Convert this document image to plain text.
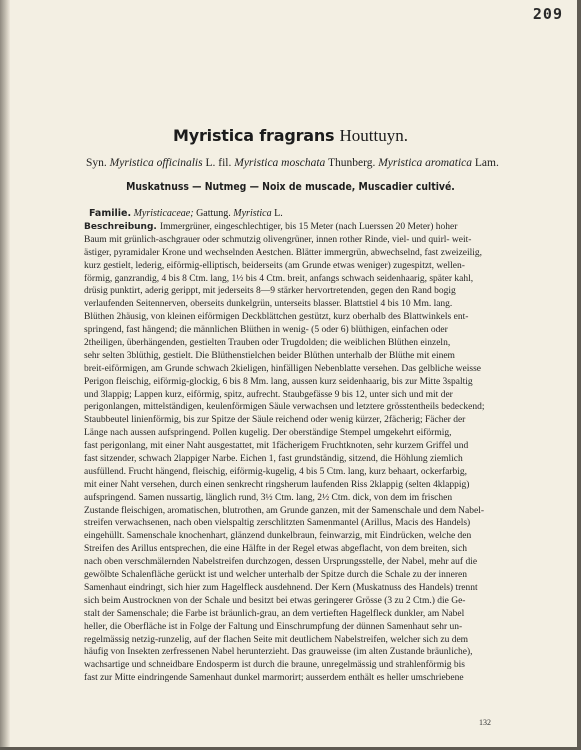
209
Myristica fragrans Houttuyn.
Syn. Myristica officinalis L. fil. Myristica moschata Thunberg. Myristica aromatica Lam.
Muskatnuss — Nutmeg — Noix de muscade, Muscadier cultivé.
Familie. Myristicaceae; Gattung. Myristica L.
Beschreibung. Immergrüner, eingeschlechtiger, bis 15 Meter (nach Luerssen 20 Meter) hoher
Baum mit grünlich-aschgrauer oder schmutzig olivengrüner, innen rother Rinde, viel- und quirl- weit-
ästiger, pyramidaler Krone und wechselnden Aestchen. Blätter immergrün, abwechselnd, fast zweizeilig,
kurz gestielt, lederig, eiförmig-elliptisch, beiderseits (am Grunde etwas weniger) zugespitzt, wellen-
förmig, ganzrandig, 4 bis 8 Ctm. lang, 1½ bis 4 Ctm. breit, anfangs schwach seidenhaarig, später kahl,
drüsig punktirt, aderig gerippt, mit jederseits 8—9 stärker hervortretenden, gegen den Rand bogig
verlaufenden Seitennerven, oberseits dunkelgrün, unterseits blasser. Blattstiel 4 bis 10 Mm. lang.
Blüthen 2häusig, von kleinen eiförmigen Deckblättchen gestützt, kurz oberhalb des Blattwinkels ent-
springend, fast hängend; die männlichen Blüthen in wenig- (5 oder 6) blüthigen, einfachen oder
2theiligen, überhängenden, gestielten Trauben oder Trugdolden; die weiblichen Blüthen einzeln,
sehr selten 3blüthig, gestielt. Die Blüthenstielchen beider Blüthen unterhalb der Blüthe mit einem
breit-eiförmigen, am Grunde schwach 2kieligen, hinfälligen Nebenblatte versehen. Das gelbliche weisse
Perigon fleischig, eiförmig-glockig, 6 bis 8 Mm. lang, aussen kurz seidenhaarig, bis zur Mitte 3spaltig
und 3lappig; Lappen kurz, eiförmig, spitz, aufrecht. Staubgefässe 9 bis 12, unter sich und mit der
perigonlangen, mittelständigen, keulenförmigen Säule verwachsen und letztere grösstentheils bedeckend;
Staubbeutel linienförmig, bis zur Spitze der Säule reichend oder wenig kürzer, 2fächerig; Fächer der
Länge nach aussen aufspringend. Pollen kugelig. Der oberständige Stempel umgekehrt eiförmig,
fast perigonlang, mit einer Naht ausgestattet, mit 1fächerigem Fruchtknoten, sehr kurzem Griffel und
fast sitzender, schwach 2lappiger Narbe. Eichen 1, fast grundständig, sitzend, die Höhlung ziemlich
ausfüllend. Frucht hängend, fleischig, eiförmig-kugelig, 4 bis 5 Ctm. lang, kurz behaart, ockerfarbig,
mit einer Naht versehen, durch einen senkrecht ringsherum laufenden Riss 2klappig (selten 4klappig)
aufspringend. Samen nussartig, länglich rund, 3½ Ctm. lang, 2½ Ctm. dick, von dem im frischen
Zustande fleischigen, aromatischen, blutrothen, am Grunde ganzen, mit der Samenschale und dem Nabel-
streifen verwachsenen, nach oben vielspaltig zerschlitzten Samenmantel (Arillus, Macis des Handels)
eingehüllt. Samenschale knochenhart, glänzend dunkelbraun, feinwarzig, mit Eindrücken, welche den
Streifen des Arillus entsprechen, die eine Hälfte in der Regel etwas abgeflacht, von dem breiten, sich
nach oben verschmälernden Nabelstreifen durchzogen, dessen Ursprungsstelle, der Nabel, mehr auf die
gewölbte Schalenfläche gerückt ist und welcher unterhalb der Spitze durch die Schale zu der inneren
Samenhaut eindringt, sich hier zum Hagelfleck ausdehnend. Der Kern (Muskatnuss des Handels) trennt
sich beim Austrocknen von der Schale und besitzt bei etwas geringerer Grösse (3 zu 2 Ctm.) die Ge-
stalt der Samenschale; die Farbe ist bräunlich-grau, an dem vertieften Hagelfleck dunkler, am Nabel
heller, die Oberfläche ist in Folge der Faltung und Einschrumpfung der dünnen Samenhaut sehr un-
regelmässig netzig-runzelig, auf der flachen Seite mit deutlichem Nabelstreifen, welcher sich zu dem
häufig von Insekten zerfressenen Nabel herunterzieht. Das grauweisse (im alten Zustande bräunliche),
wachsartige und schneidbare Endosperm ist durch die braune, unregelmässig und strahlenförmig bis
fast zur Mitte eindringende Samenhaut dunkel marmorirt; ausserdem enthält es heller umschriebene
132
